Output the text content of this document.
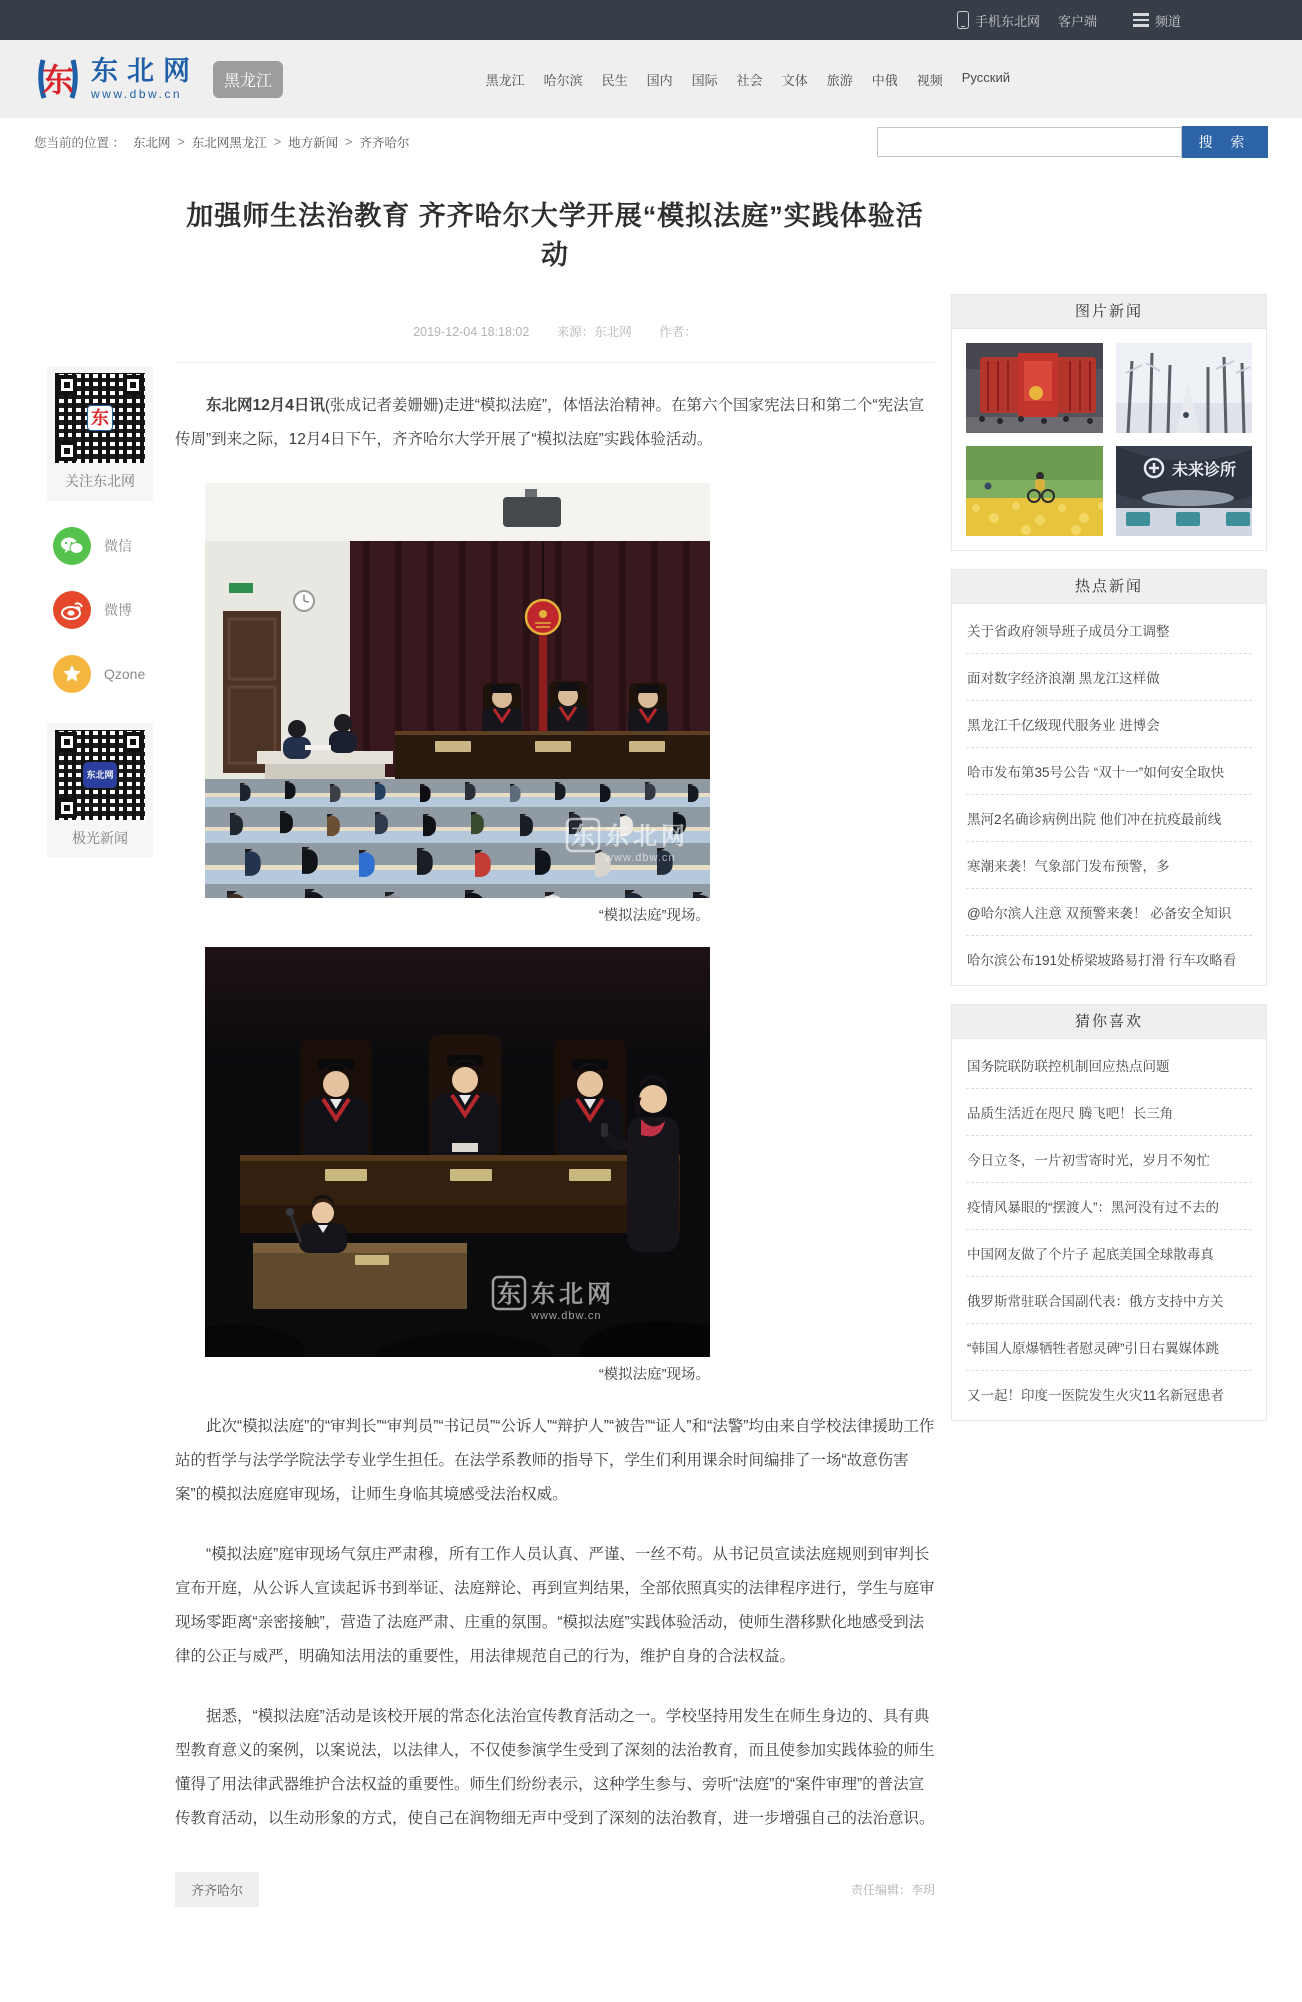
手机东北网 客户端	频道
东 东北网
www.dbw.cn
黑龙江	黑龙江 哈尔滨 民生 国内 国际 社会 文体 旅游 中俄 视频 Русский
您当前的位置 ： 东北网 > 东北网黑龙江 > 地方新闻 > 齐齐哈尔	搜 索
东
关注东北网
微信
微博
Qzone
东北网
极光新闻
加强师生法治教育 齐齐哈尔大学开展“模拟法庭”实践体验活动
2019-12-04 18:18:02 来源：东北网 作者：

东北网12月4日讯(张成记者姜姗姗)走进“模拟法庭”，体悟法治精神。在第六个国家宪法日和第二个“宪法宣传周”到来之际，12月4日下午，齐齐哈尔大学开展了“模拟法庭”实践体验活动。

东 东北网
www.dbw.cn
“模拟法庭”现场。
东 东北网
www.dbw.cn
“模拟法庭”现场。

此次“模拟法庭”的“审判长”“审判员”“书记员”“公诉人”“辩护人”“被告”“证人”和“法警”均由来自学校法律援助工作站的哲学与法学学院法学专业学生担任。在法学系教师的指导下，学生们利用课余时间编排了一场“故意伤害案”的模拟法庭庭审现场，让师生身临其境感受法治权威。

“模拟法庭”庭审现场气氛庄严肃穆，所有工作人员认真、严谨、一丝不苟。从书记员宣读法庭规则到审判长宣布开庭，从公诉人宣读起诉书到举证、法庭辩论、再到宣判结果，全部依照真实的法律程序进行，学生与庭审现场零距离“亲密接触”，营造了法庭严肃、庄重的氛围。“模拟法庭”实践体验活动，使师生潜移默化地感受到法律的公正与威严，明确知法用法的重要性，用法律规范自己的行为，维护自身的合法权益。

据悉，“模拟法庭”活动是该校开展的常态化法治宣传教育活动之一。学校坚持用发生在师生身边的、具有典型教育意义的案例，以案说法，以法律人，不仅使参演学生受到了深刻的法治教育，而且使参加实践体验的师生懂得了用法律武器维护合法权益的重要性。师生们纷纷表示，这种学生参与、旁听“法庭”的“案件审理”的普法宣传教育活动，以生动形象的方式，使自己在润物细无声中受到了深刻的法治教育，进一步增强自己的法治意识。

齐齐哈尔	责任编辑：李玥
图片新闻
未来诊所
热点新闻
关于省政府领导班子成员分工调整
面对数字经济浪潮 黑龙江这样做
黑龙江千亿级现代服务业 进博会
哈市发布第35号公告 “双十一”如何安全取快
黑河2名确诊病例出院 他们冲在抗疫最前线
寒潮来袭！气象部门发布预警，多
@哈尔滨人注意 双预警来袭！ 必备安全知识
哈尔滨公布191处桥梁坡路易打滑 行车攻略看
猜你喜欢
国务院联防联控机制回应热点问题
品质生活近在咫尺 腾飞吧！长三角
今日立冬，一片初雪寄时光，岁月不匆忙
疫情风暴眼的“摆渡人”：黑河没有过不去的
中国网友做了个片子 起底美国全球散毒真
俄罗斯常驻联合国副代表：俄方支持中方关
“韩国人原爆牺牲者慰灵碑”引日右翼媒体跳
又一起！印度一医院发生火灾11名新冠患者
